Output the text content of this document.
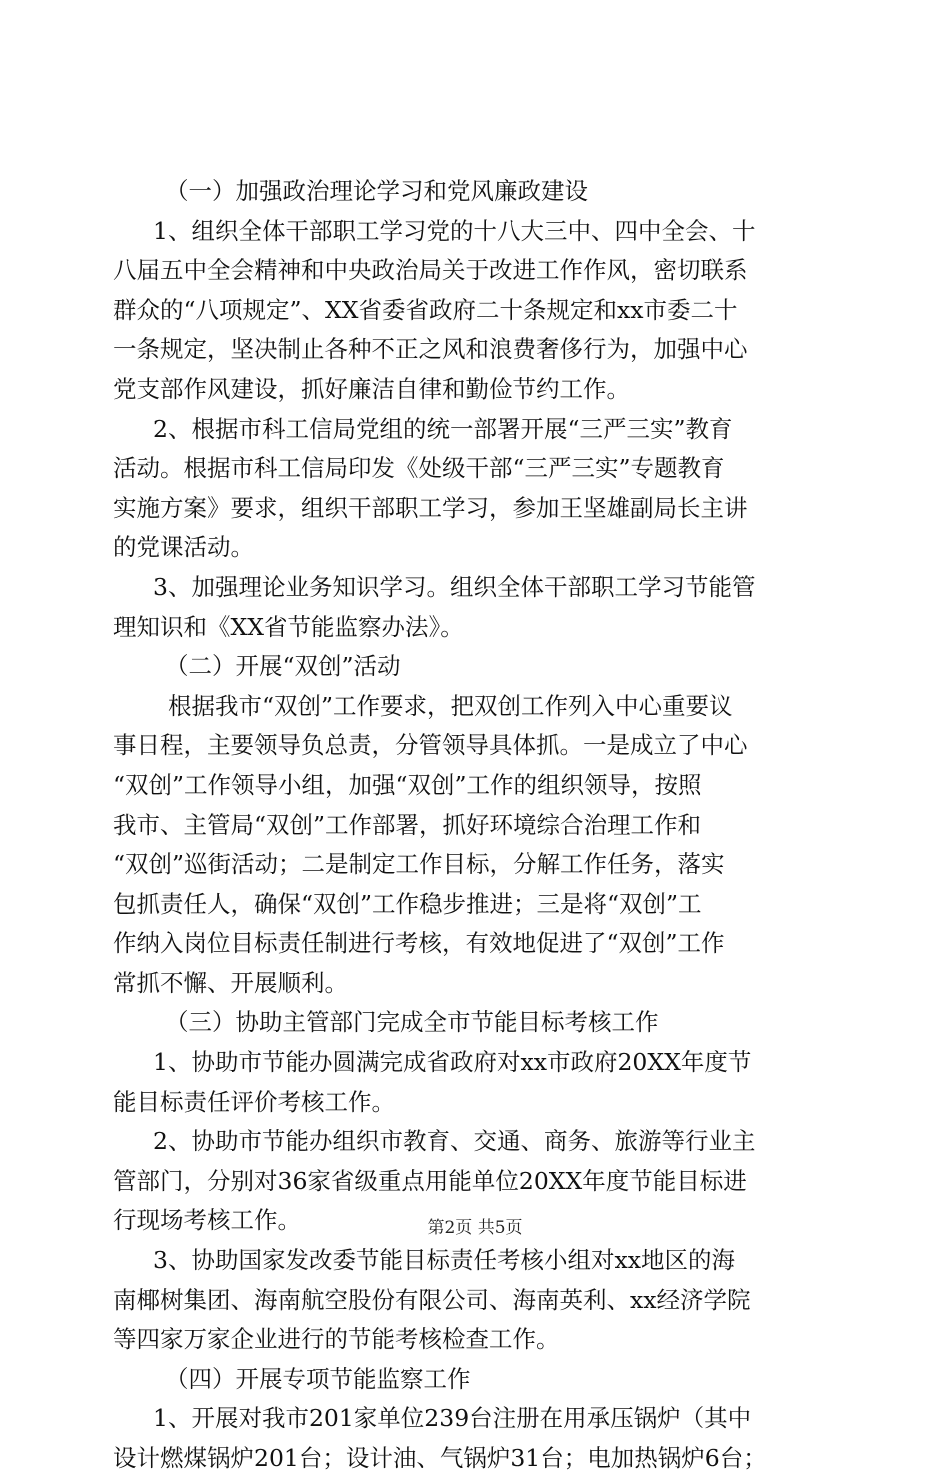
（一）加强政治理论学习和党风廉政建设
1、组织全体干部职工学习党的十八大三中、四中全会、十
八届五中全会精神和中央政治局关于改进工作作风，密切联系
群众的“八项规定”、XX省委省政府二十条规定和xx市委二十
一条规定，坚决制止各种不正之风和浪费奢侈行为，加强中心
党支部作风建设，抓好廉洁自律和勤俭节约工作。
2、根据市科工信局党组的统一部署开展“三严三实”教育
活动。根据市科工信局印发《处级干部“三严三实”专题教育
实施方案》要求，组织干部职工学习，参加王坚雄副局长主讲
的党课活动。
3、加强理论业务知识学习。组织全体干部职工学习节能管
理知识和《XX省节能监察办法》。
（二）开展“双创”活动
根据我市“双创”工作要求，把双创工作列入中心重要议
事日程，主要领导负总责，分管领导具体抓。一是成立了中心
“双创”工作领导小组，加强“双创”工作的组织领导，按照
我市、主管局“双创”工作部署，抓好环境综合治理工作和
“双创”巡街活动；二是制定工作目标，分解工作任务，落实
包抓责任人，确保“双创”工作稳步推进；三是将“双创”工
作纳入岗位目标责任制进行考核，有效地促进了“双创”工作
常抓不懈、开展顺利。
（三）协助主管部门完成全市节能目标考核工作
1、协助市节能办圆满完成省政府对xx市政府20XX年度节
能目标责任评价考核工作。
2、协助市节能办组织市教育、交通、商务、旅游等行业主
管部门，分别对36家省级重点用能单位20XX年度节能目标进
行现场考核工作。
3、协助国家发改委节能目标责任考核小组对xx地区的海
南椰树集团、海南航空股份有限公司、海南英利、xx经济学院
等四家万家企业进行的节能考核检查工作。
（四）开展专项节能监察工作
1、开展对我市201家单位239台注册在用承压锅炉（其中
设计燃煤锅炉201台；设计油、气锅炉31台；电加热锅炉6台；
第2页 共5页
